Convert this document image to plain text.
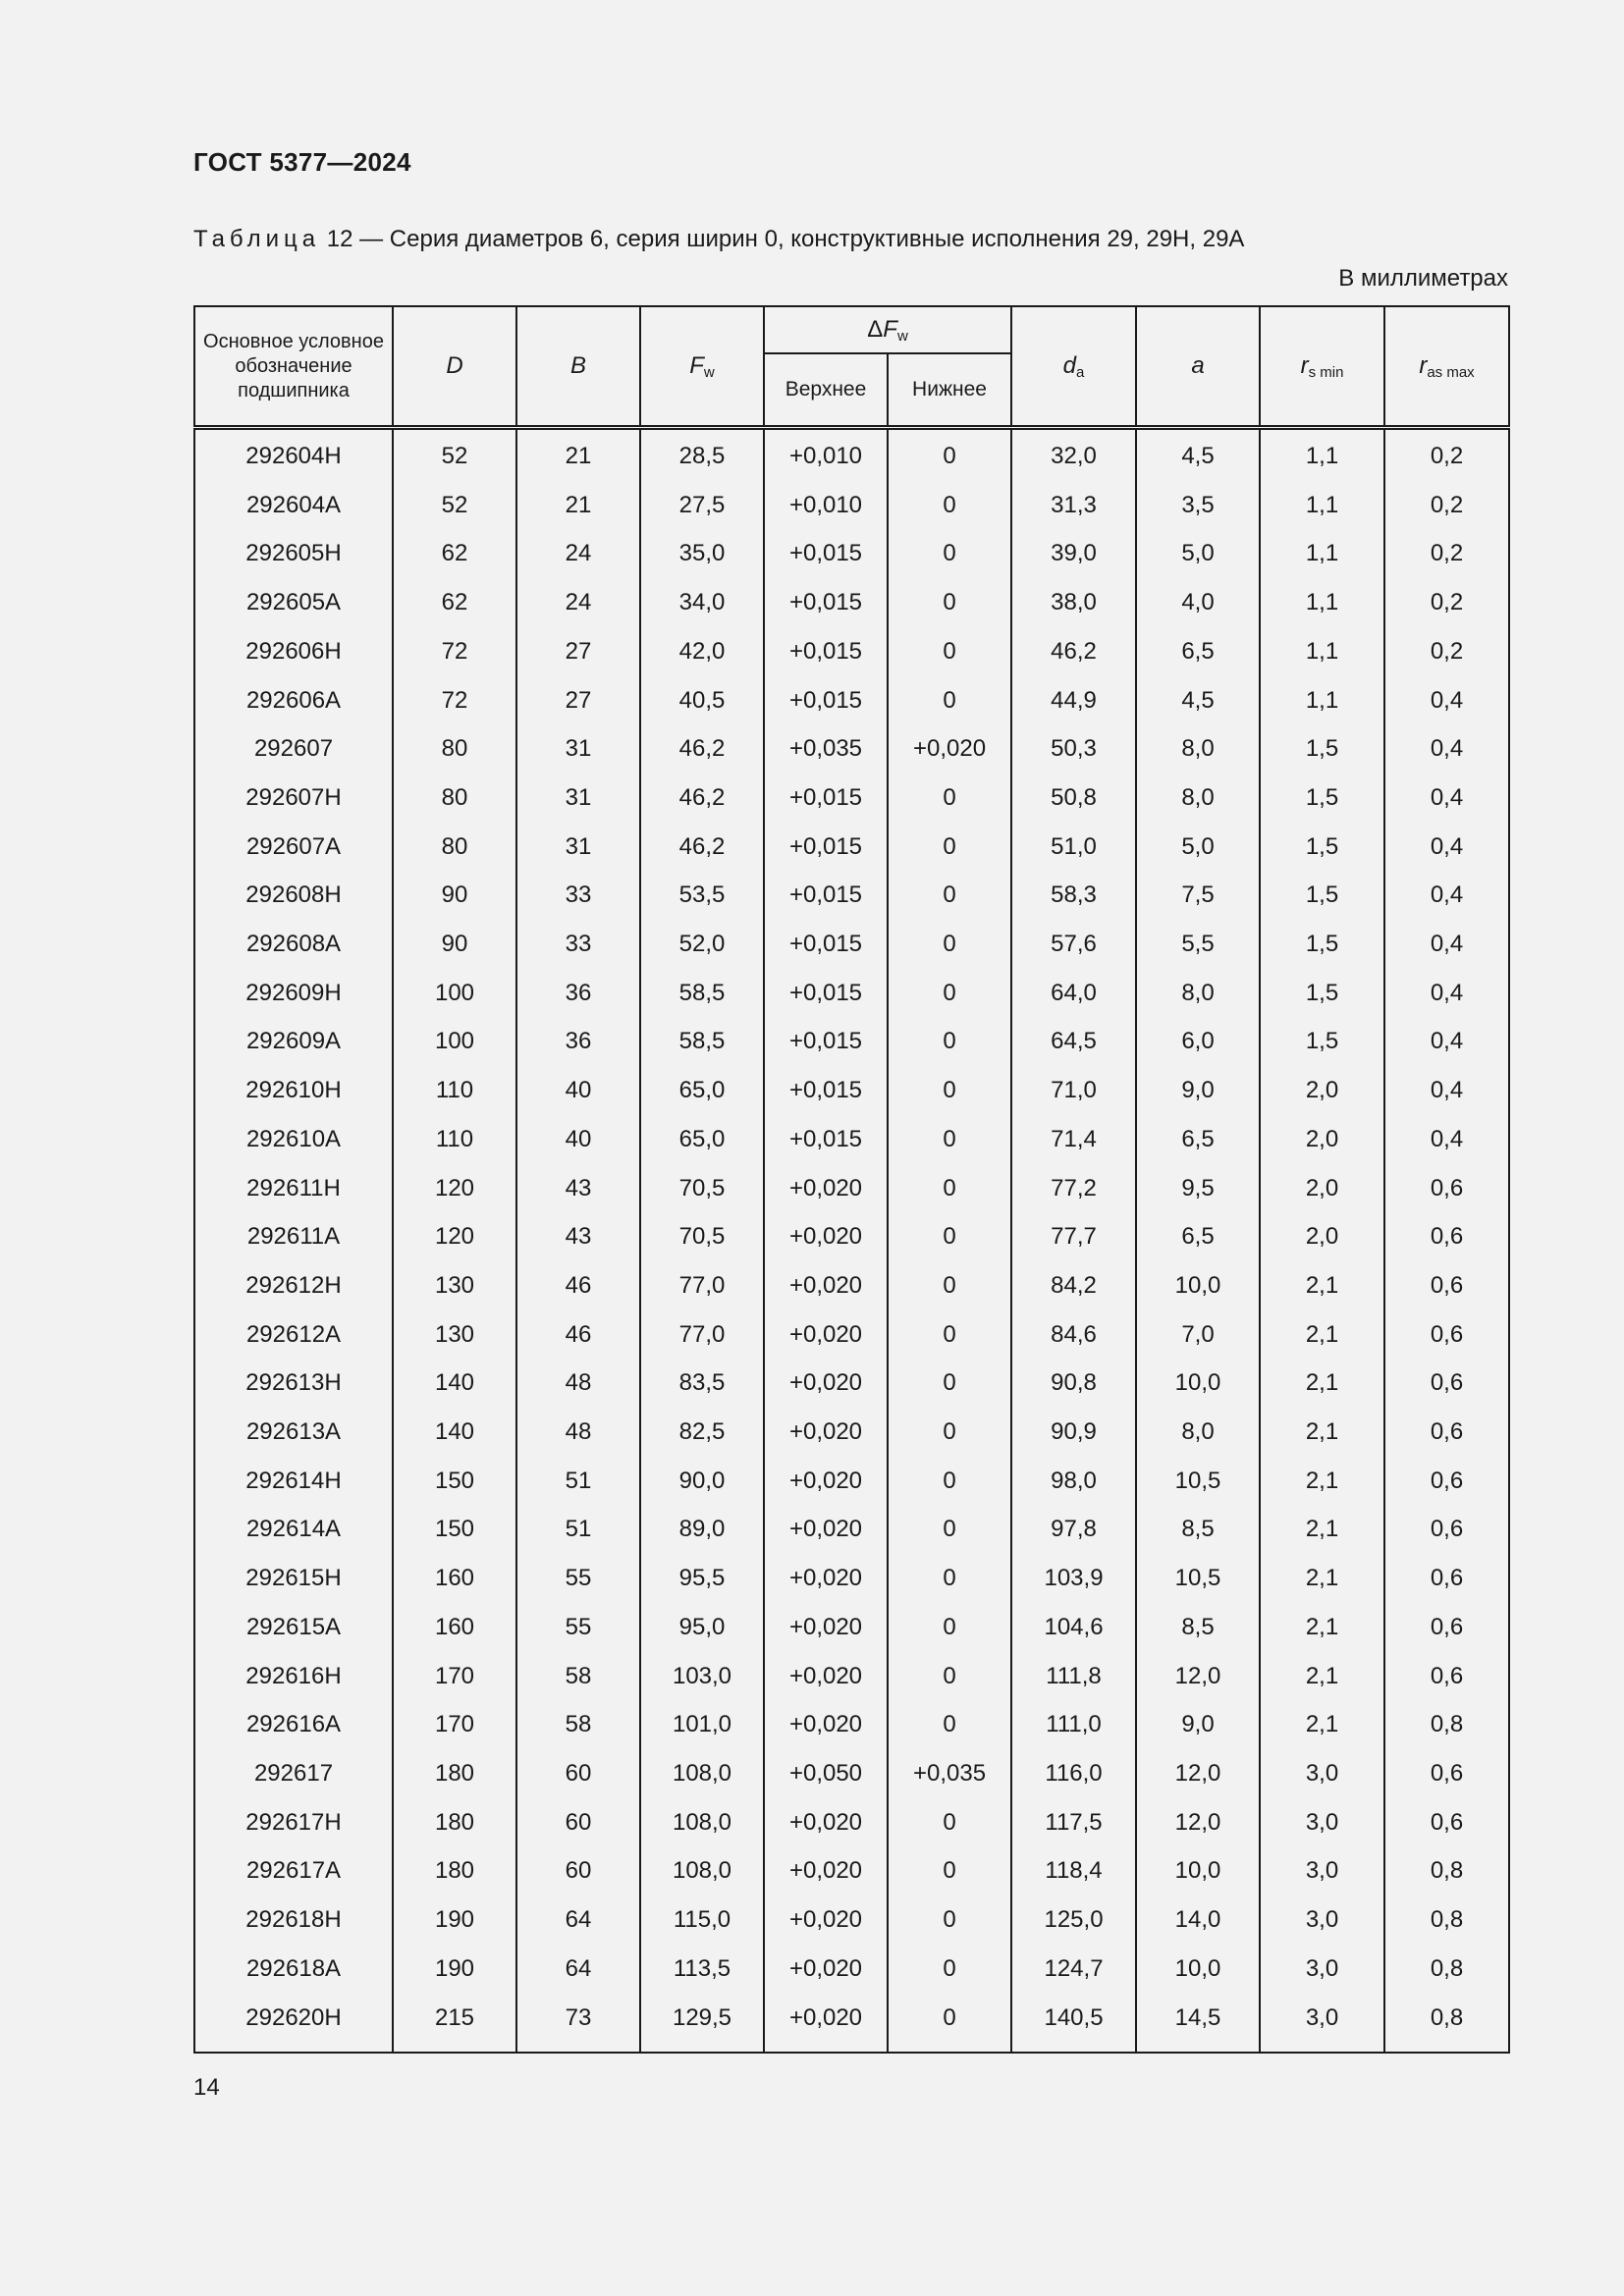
ГОСТ 5377—2024
Таблица 12 — Серия диаметров 6, серия ширин 0, конструктивные исполнения 29, 29Н, 29А
В миллиметрах
Основное условное обозначение подшипника	D	B	$F_w$	$\Delta F_w$		$d_a$	a	$r_{s min}$	$r_{as max}$
				Верхнее	Нижнее				
292604Н	52	21	28,5	+0,010	0	32,0	4,5	1,1	0,2
292604А	52	21	27,5	+0,010	0	31,3	3,5	1,1	0,2
292605Н	62	24	35,0	+0,015	0	39,0	5,0	1,1	0,2
292605А	62	24	34,0	+0,015	0	38,0	4,0	1,1	0,2
292606Н	72	27	42,0	+0,015	0	46,2	6,5	1,1	0,2
292606А	72	27	40,5	+0,015	0	44,9	4,5	1,1	0,4
292607	80	31	46,2	+0,035	+0,020	50,3	8,0	1,5	0,4
292607Н	80	31	46,2	+0,015	0	50,8	8,0	1,5	0,4
292607А	80	31	46,2	+0,015	0	51,0	5,0	1,5	0,4
292608Н	90	33	53,5	+0,015	0	58,3	7,5	1,5	0,4
292608А	90	33	52,0	+0,015	0	57,6	5,5	1,5	0,4
292609Н	100	36	58,5	+0,015	0	64,0	8,0	1,5	0,4
292609А	100	36	58,5	+0,015	0	64,5	6,0	1,5	0,4
292610Н	110	40	65,0	+0,015	0	71,0	9,0	2,0	0,4
292610А	110	40	65,0	+0,015	0	71,4	6,5	2,0	0,4
292611Н	120	43	70,5	+0,020	0	77,2	9,5	2,0	0,6
292611А	120	43	70,5	+0,020	0	77,7	6,5	2,0	0,6
292612Н	130	46	77,0	+0,020	0	84,2	10,0	2,1	0,6
292612А	130	46	77,0	+0,020	0	84,6	7,0	2,1	0,6
292613Н	140	48	83,5	+0,020	0	90,8	10,0	2,1	0,6
292613А	140	48	82,5	+0,020	0	90,9	8,0	2,1	0,6
292614Н	150	51	90,0	+0,020	0	98,0	10,5	2,1	0,6
292614А	150	51	89,0	+0,020	0	97,8	8,5	2,1	0,6
292615Н	160	55	95,5	+0,020	0	103,9	10,5	2,1	0,6
292615А	160	55	95,0	+0,020	0	104,6	8,5	2,1	0,6
292616Н	170	58	103,0	+0,020	0	111,8	12,0	2,1	0,6
292616А	170	58	101,0	+0,020	0	111,0	9,0	2,1	0,8
292617	180	60	108,0	+0,050	+0,035	116,0	12,0	3,0	0,6
292617Н	180	60	108,0	+0,020	0	117,5	12,0	3,0	0,6
292617А	180	60	108,0	+0,020	0	118,4	10,0	3,0	0,8
292618Н	190	64	115,0	+0,020	0	125,0	14,0	3,0	0,8
292618А	190	64	113,5	+0,020	0	124,7	10,0	3,0	0,8
292620Н	215	73	129,5	+0,020	0	140,5	14,5	3,0	0,8
14
